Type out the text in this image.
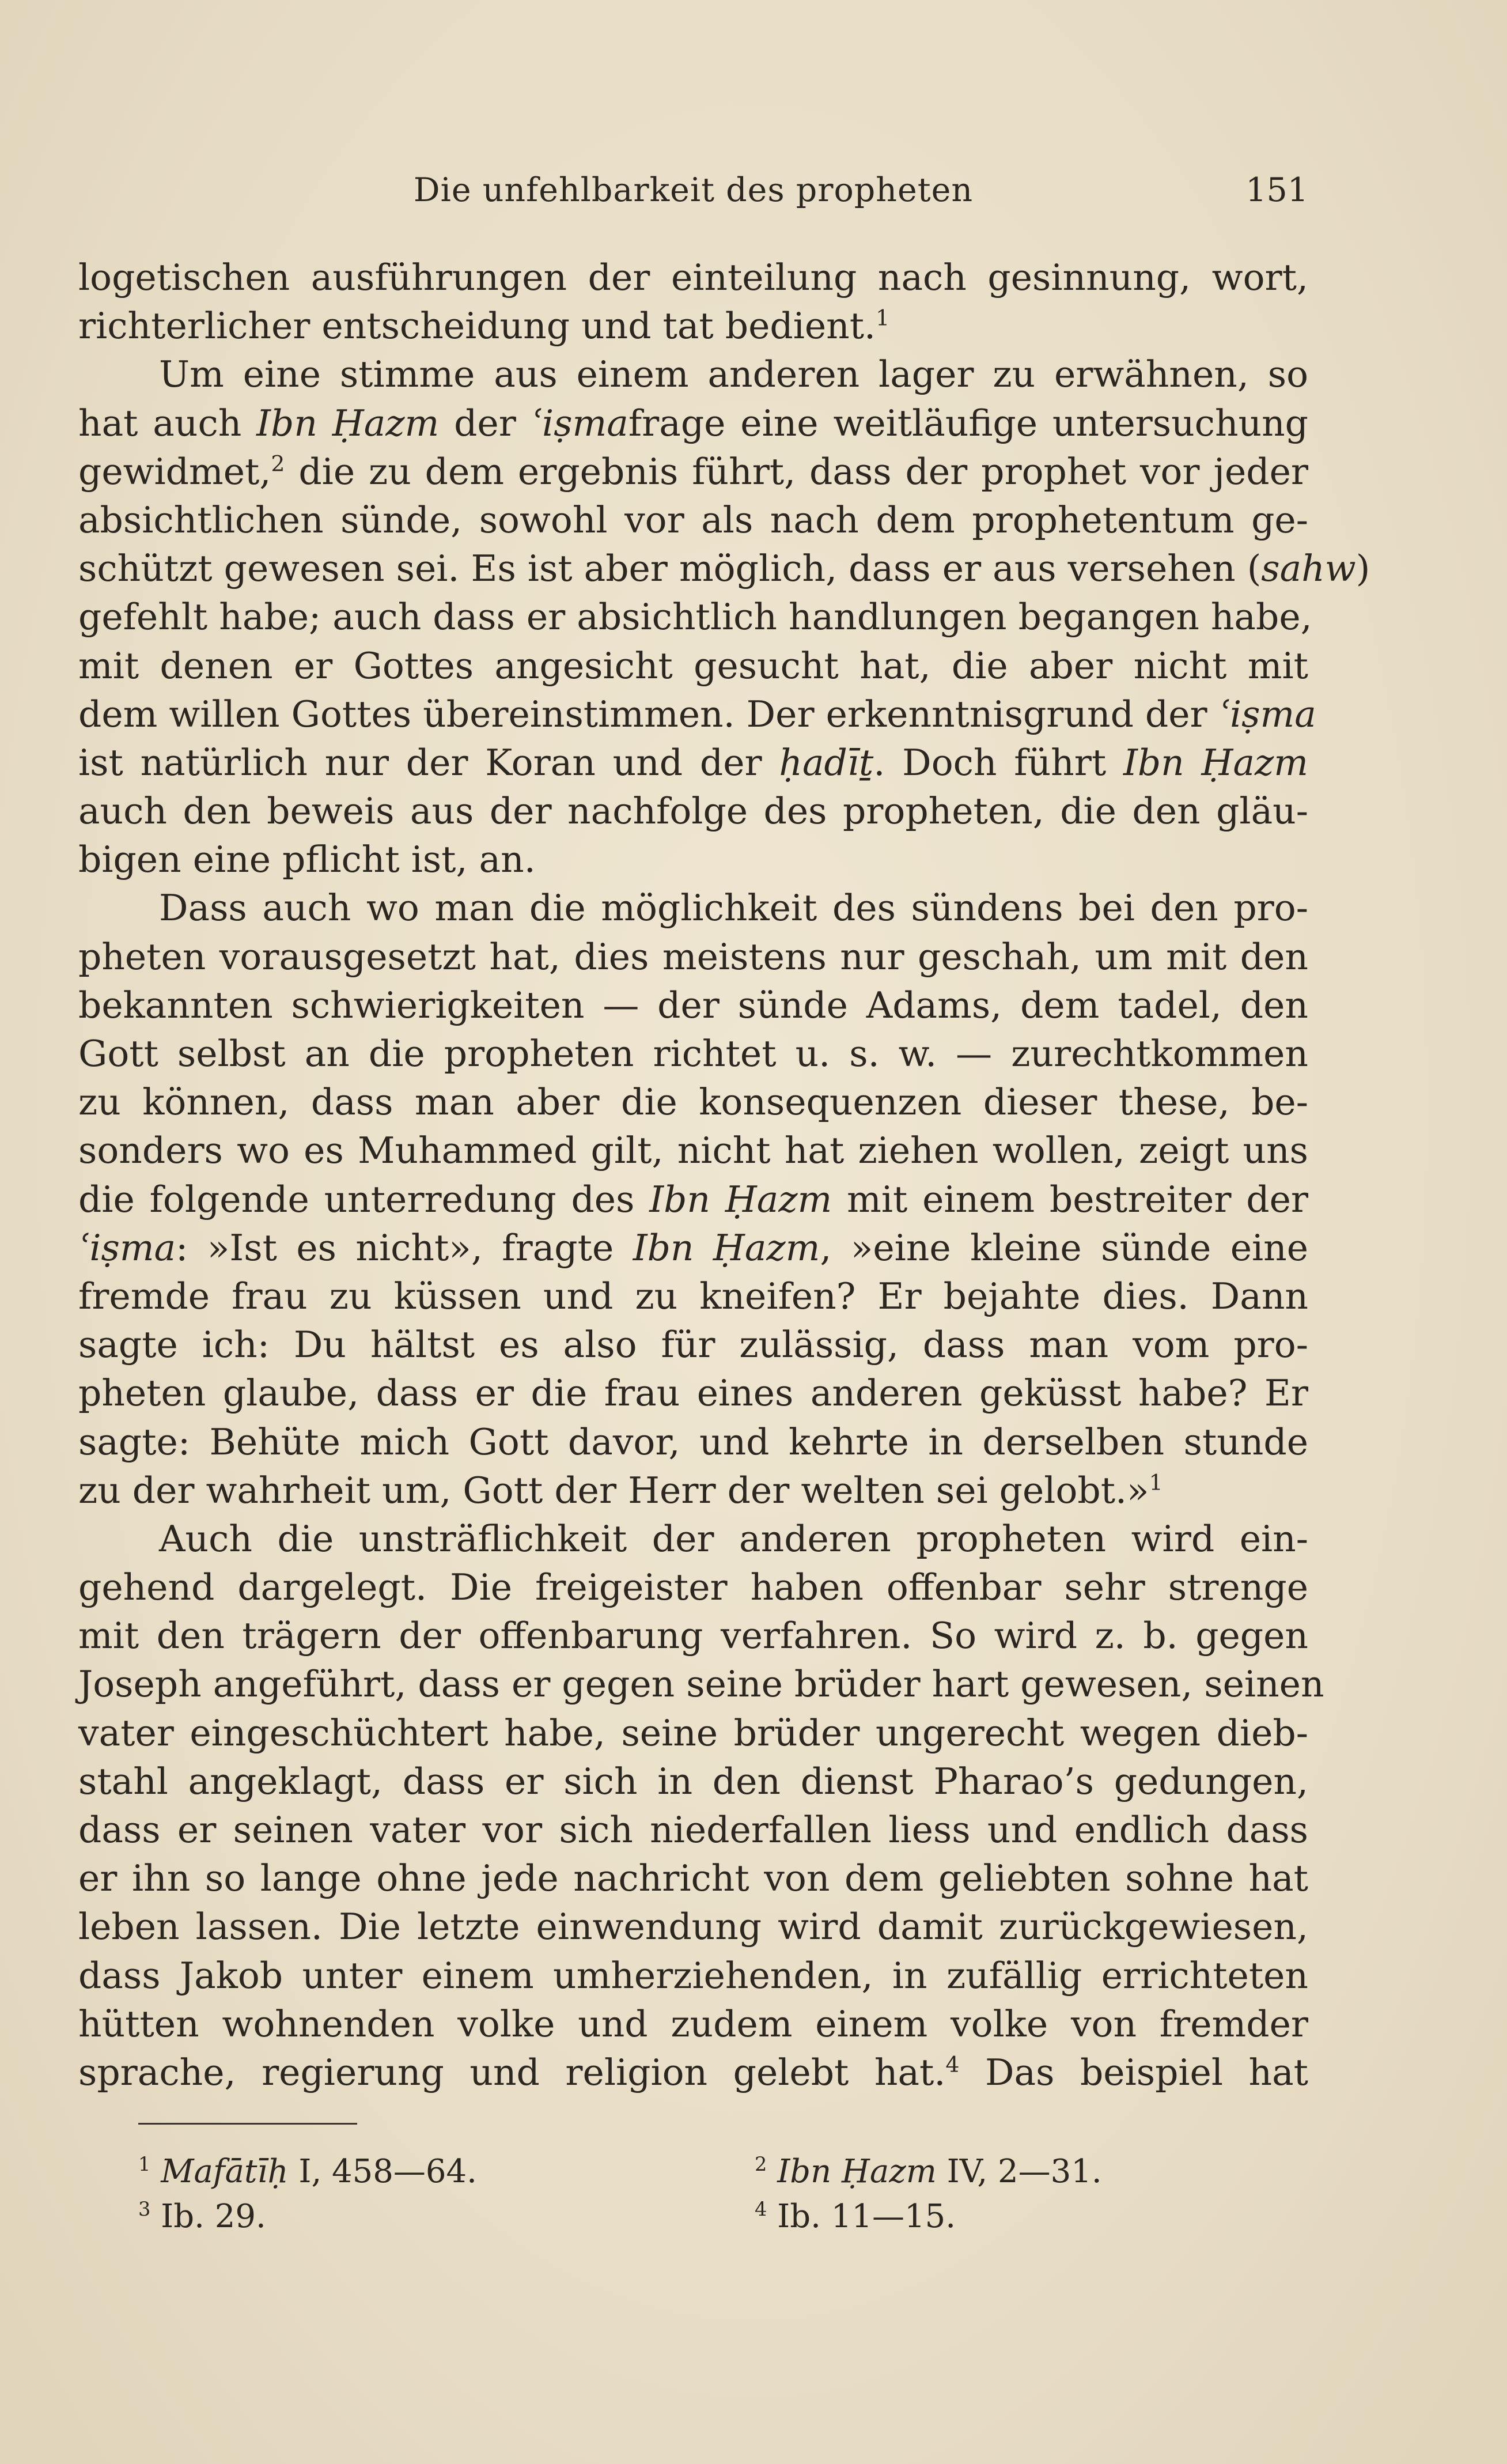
Die unfehlbarkeit des propheten	151
logetischen ausführungen der einteilung nach gesinnung, wort,
richterlicher entscheidung und tat bedient.$^1$
Um eine stimme aus einem anderen lager zu erwähnen, so
hat auch Ibn Ḥazm der ʿiṣmafrage eine weitläufige untersuchung
gewidmet,$^2$ die zu dem ergebnis führt, dass der prophet vor jeder
absichtlichen sünde, sowohl vor als nach dem prophetentum ge-
schützt gewesen sei. Es ist aber möglich, dass er aus versehen (sahw)
gefehlt habe; auch dass er absichtlich handlungen begangen habe,
mit denen er Gottes angesicht gesucht hat, die aber nicht mit
dem willen Gottes übereinstimmen. Der erkenntnisgrund der ʿiṣma
ist natürlich nur der Koran und der ḥadīṯ. Doch führt Ibn Ḥazm
auch den beweis aus der nachfolge des propheten, die den gläu-
bigen eine pflicht ist, an.
Dass auch wo man die möglichkeit des sündens bei den pro-
pheten vorausgesetzt hat, dies meistens nur geschah, um mit den
bekannten schwierigkeiten — der sünde Adams, dem tadel, den
Gott selbst an die propheten richtet u. s. w. — zurechtkommen
zu können, dass man aber die konsequenzen dieser these, be-
sonders wo es Muhammed gilt, nicht hat ziehen wollen, zeigt uns
die folgende unterredung des Ibn Ḥazm mit einem bestreiter der
ʿiṣma: »Ist es nicht», fragte Ibn Ḥazm, »eine kleine sünde eine
fremde frau zu küssen und zu kneifen? Er bejahte dies. Dann
sagte ich: Du hältst es also für zulässig, dass man vom pro-
pheten glaube, dass er die frau eines anderen geküsst habe? Er
sagte: Behüte mich Gott davor, und kehrte in derselben stunde
zu der wahrheit um, Gott der Herr der welten sei gelobt.»$^1$
Auch die unsträflichkeit der anderen propheten wird ein-
gehend dargelegt. Die freigeister haben offenbar sehr strenge
mit den trägern der offenbarung verfahren. So wird z. b. gegen
Joseph angeführt, dass er gegen seine brüder hart gewesen, seinen
vater eingeschüchtert habe, seine brüder ungerecht wegen dieb-
stahl angeklagt, dass er sich in den dienst Pharao’s gedungen,
dass er seinen vater vor sich niederfallen liess und endlich dass
er ihn so lange ohne jede nachricht von dem geliebten sohne hat
leben lassen. Die letzte einwendung wird damit zurückgewiesen,
dass Jakob unter einem umherziehenden, in zufällig errichteten
hütten wohnenden volke und zudem einem volke von fremder
sprache, regierung und religion gelebt hat.$^4$ Das beispiel hat
$^1$ Mafātīḥ I, 458—64.	$^2$ Ibn Ḥazm IV, 2—31.
$^3$ Ib. 29.	$^4$ Ib. 11—15.
